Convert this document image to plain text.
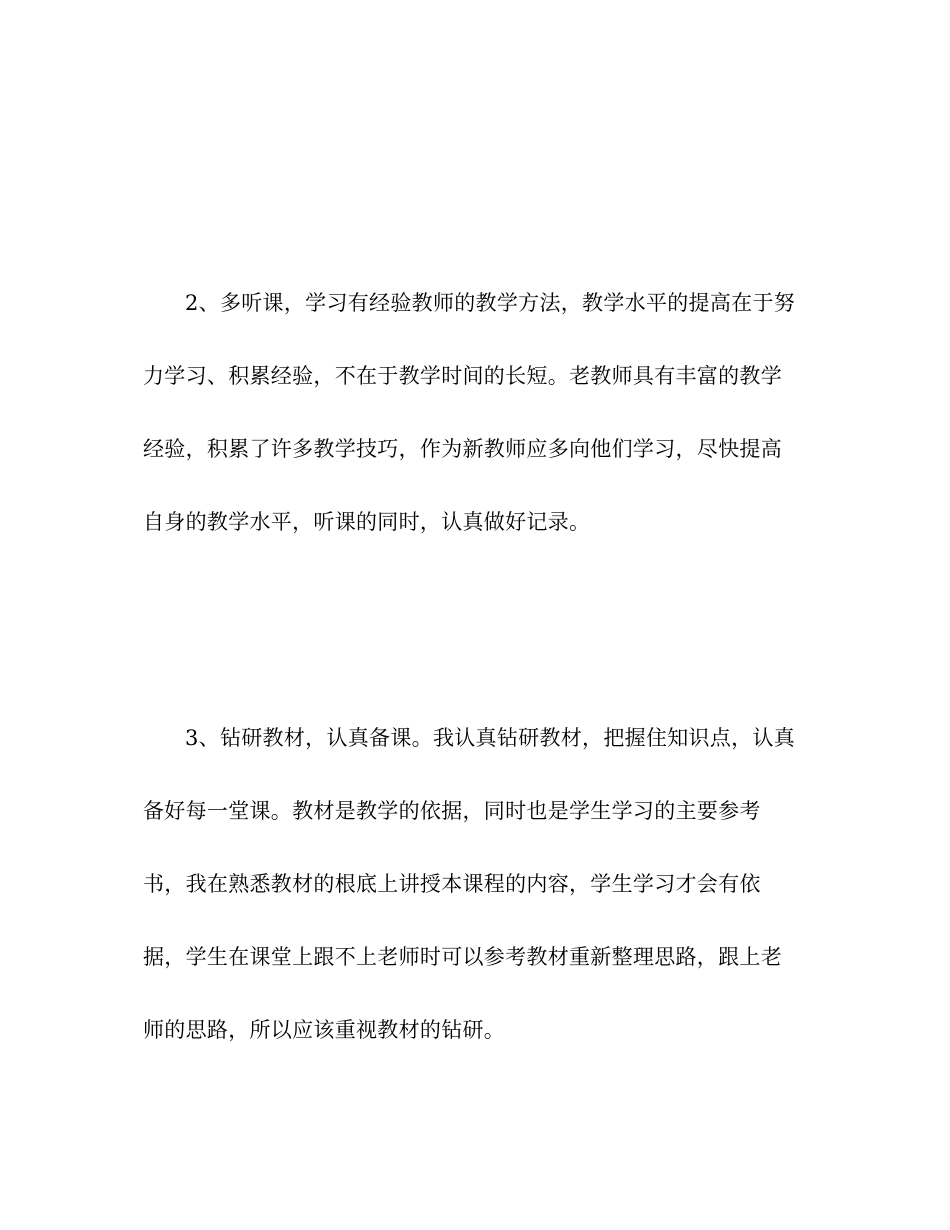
2、多听课，学习有经验教师的教学方法，教学水平的提高在于努
力学习、积累经验，不在于教学时间的长短。老教师具有丰富的教学
经验，积累了许多教学技巧，作为新教师应多向他们学习，尽快提高
自身的教学水平，听课的同时，认真做好记录。
3、钻研教材，认真备课。我认真钻研教材，把握住知识点，认真
备好每一堂课。教材是教学的依据，同时也是学生学习的主要参考
书，我在熟悉教材的根底上讲授本课程的内容，学生学习才会有依
据，学生在课堂上跟不上老师时可以参考教材重新整理思路，跟上老
师的思路，所以应该重视教材的钻研。
